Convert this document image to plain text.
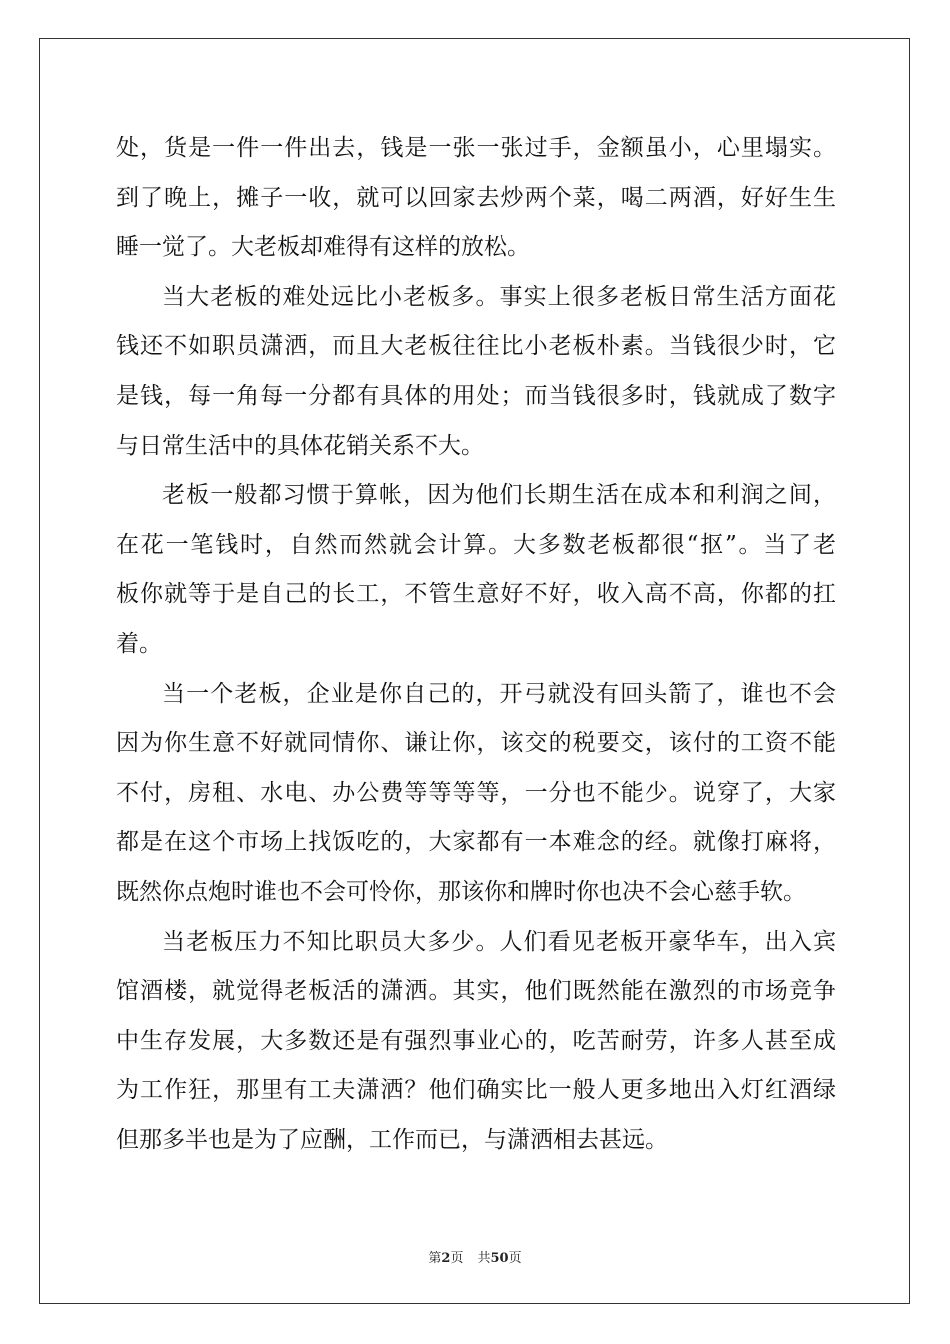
处，货是一件一件出去，钱是一张一张过手，金额虽小，心里塌实。
到了晚上，摊子一收，就可以回家去炒两个菜，喝二两酒，好好生生
睡一觉了。大老板却难得有这样的放松。
当大老板的难处远比小老板多。事实上很多老板日常生活方面花
钱还不如职员潇洒，而且大老板往往比小老板朴素。当钱很少时，它
是钱，每一角每一分都有具体的用处；而当钱很多时，钱就成了数字
与日常生活中的具体花销关系不大。
老板一般都习惯于算帐，因为他们长期生活在成本和利润之间，
在花一笔钱时，自然而然就会计算。大多数老板都很“抠”。当了老
板你就等于是自己的长工，不管生意好不好，收入高不高，你都的扛
着。
当一个老板，企业是你自己的，开弓就没有回头箭了，谁也不会
因为你生意不好就同情你、谦让你，该交的税要交，该付的工资不能
不付，房租、水电、办公费等等等等，一分也不能少。说穿了，大家
都是在这个市场上找饭吃的，大家都有一本难念的经。就像打麻将，
既然你点炮时谁也不会可怜你，那该你和牌时你也决不会心慈手软。
当老板压力不知比职员大多少。人们看见老板开豪华车，出入宾
馆酒楼，就觉得老板活的潇洒。其实，他们既然能在激烈的市场竞争
中生存发展，大多数还是有强烈事业心的，吃苦耐劳，许多人甚至成
为工作狂，那里有工夫潇洒？他们确实比一般人更多地出入灯红酒绿
但那多半也是为了应酬，工作而已，与潇洒相去甚远。
第2页 共50页
